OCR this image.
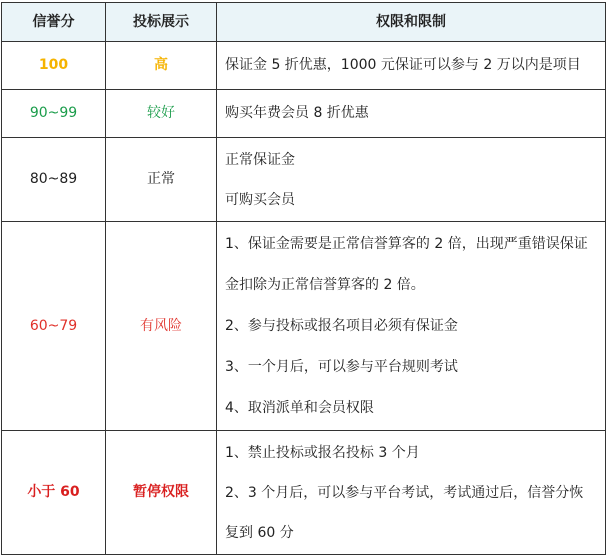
信誉分	投标展示	权限和限制
100	高	保证金 5 折优惠，1000 元保证可以参与 2 万以内是项目

90~99	较好	购买年费会员 8 折优惠

80~89	正常	正常保证金
可购买会员

60~79	有风险	1、保证金需要是正常信誉算客的 2 倍，出现严重错误保证
金扣除为正常信誉算客的 2 倍。
2、参与投标或报名项目必须有保证金
3、一个月后，可以参与平台规则考试
4、取消派单和会员权限

小于 60	暂停权限	1、禁止投标或报名投标 3 个月
2、3 个月后，可以参与平台考试，考试通过后，信誉分恢
复到 60 分
